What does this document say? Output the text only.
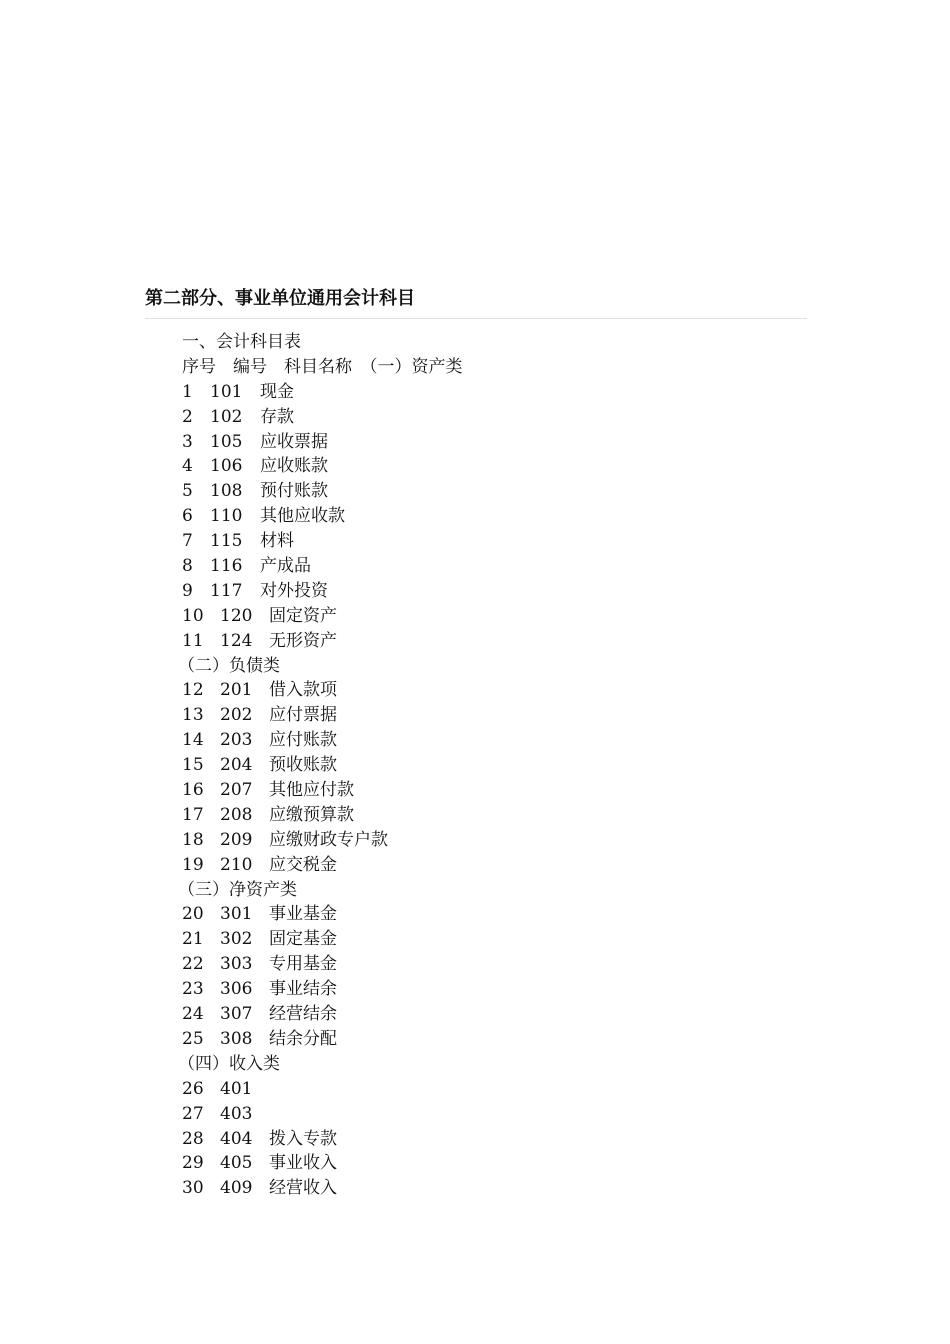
第二部分、事业单位通用会计科目
一、会计科目表
序号　编号　科目名称　（一）资产类
1 101 现金
2 102 存款
3 105 应收票据
4 106 应收账款
5 108 预付账款
6 110 其他应收款
7 115 材料
8 116 产成品
9 117 对外投资
10 120 固定资产
11 124 无形资产
（二）负债类
12 201 借入款项
13 202 应付票据
14 203 应付账款
15 204 预收账款
16 207 其他应付款
17 208 应缴预算款
18 209 应缴财政专户款
19 210 应交税金
（三）净资产类
20 301 事业基金
21 302 固定基金
22 303 专用基金
23 306 事业结余
24 307 经营结余
25 308 结余分配
（四）收入类
26 401
27 403
28 404 拨入专款
29 405 事业收入
30 409 经营收入
